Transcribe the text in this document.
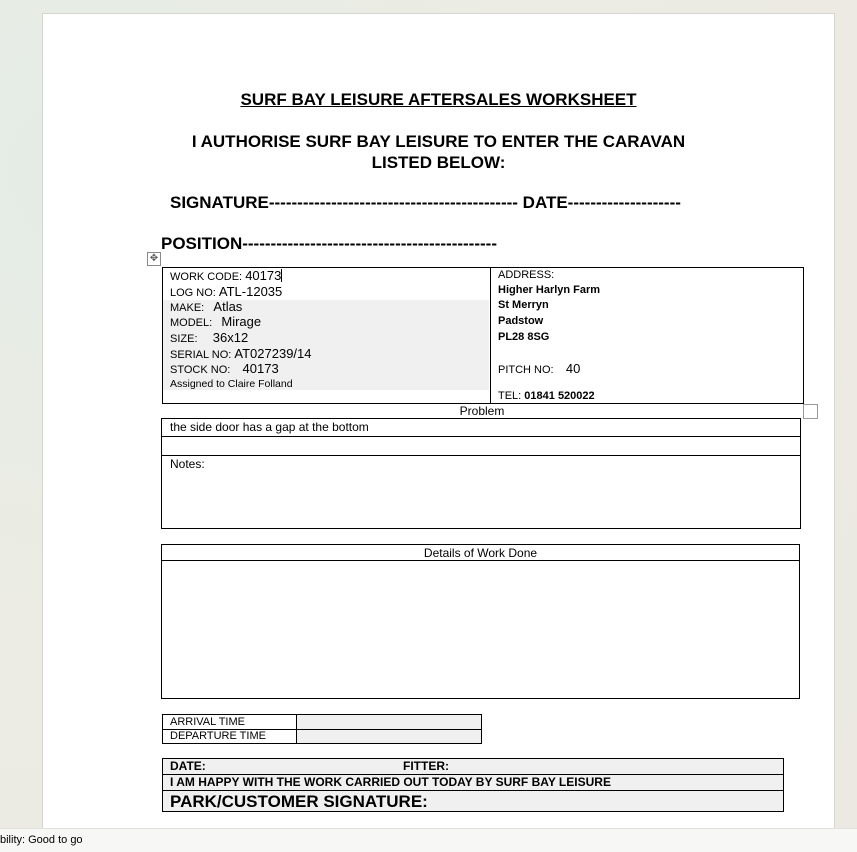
SURF BAY LEISURE AFTERSALES WORKSHEET
I AUTHORISE SURF BAY LEISURE TO ENTER THE CARAVAN
LISTED BELOW:
SIGNATURE-------------------------------------------- DATE--------------------
POSITION---------------------------------------------
✥
WORK CODE: 40173
LOG NO: ATL-12035
MAKE: Atlas
MODEL: Mirage
SIZE: 36x12
SERIAL NO: AT027239/14
STOCK NO: 40173
Assigned to Claire Folland
ADDRESS:
Higher Harlyn Farm
St Merryn
Padstow
PL28 8SG
PITCH NO: 40
TEL: 01841 520022
Problem
the side door has a gap at the bottom
Notes:
Details of Work Done
ARRIVAL TIME
DEPARTURE TIME
DATE:	FITTER:
I AM HAPPY WITH THE WORK CARRIED OUT TODAY BY SURF BAY LEISURE
PARK/CUSTOMER SIGNATURE:
bility: Good to go
